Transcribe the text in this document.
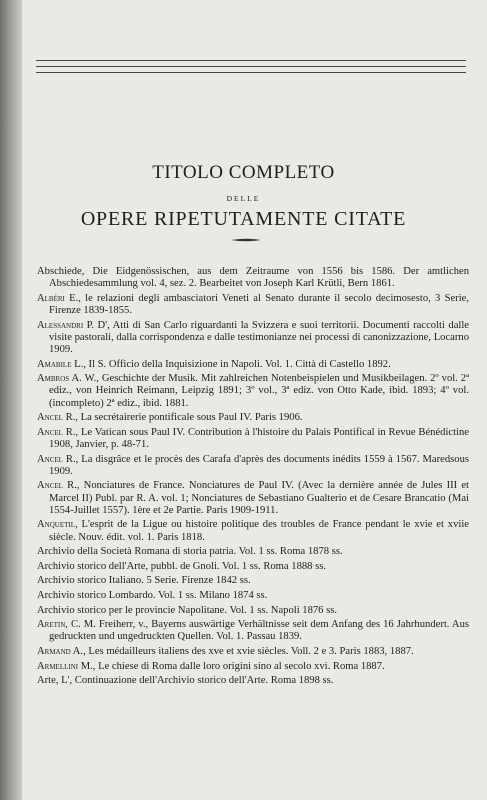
TITOLO COMPLETO
DELLE
OPERE RIPETUTAMENTE CITATE

Abschiede, Die Eidgenössischen, aus dem Zeitraume von 1556 bis 1586. Der amtlichen Abschiedesammlung vol. 4, sez. 2. Bearbeitet von Joseph Karl Krütli, Bern 1861.

Albèri E., le relazioni degli ambasciatori Veneti al Senato durante il secolo decimosesto, 3 Serie, Firenze 1839-1855.

Alessandri P. D', Atti di San Carlo riguardanti la Svizzera e suoi territorii. Documenti raccolti dalle visite pastorali, dalla corrispondenza e dalle testimonianze nei processi di canonizzazione, Locarno 1909.

Amabile L., Il S. Officio della Inquisizione in Napoli. Vol. 1. Città di Castello 1892.

Ambros A. W., Geschichte der Musik. Mit zahlreichen Notenbeispielen und Musikbeilagen. 2º vol. 2ª ediz., von Heinrich Reimann, Leipzig 1891; 3º vol., 3ª ediz. von Otto Kade, ibid. 1893; 4º vol. (incompleto) 2ª ediz., ibid. 1881.

Ancel R., La secrétairerie pontificale sous Paul IV. Paris 1906.

Ancel R., Le Vatican sous Paul IV. Contribution à l'histoire du Palais Pontifical in Revue Bénédictine 1908, Janvier, p. 48-71.

Ancel R., La disgrâce et le procès des Carafa d'après des documents inédits 1559 à 1567. Maredsous 1909.

Ancel R., Nonciatures de France. Nonciatures de Paul IV. (Avec la dernière année de Jules III et Marcel II) Publ. par R. A. vol. 1; Nonciatures de Sebastiano Gualterio et de Cesare Brancatio (Mai 1554-Juillet 1557). 1ère et 2e Partie. Paris 1909-1911.

Anquetil, L'esprit de la Ligue ou histoire politique des troubles de France pendant le xvie et xviie siècle. Nouv. édit. vol. 1. Paris 1818.

Archivio della Società Romana di storia patria. Vol. 1 ss. Roma 1878 ss.

Archivio storico dell'Arte, pubbl. de Gnoli. Vol. 1 ss. Roma 1888 ss.

Archivio storico Italiano. 5 Serie. Firenze 1842 ss.

Archivio storico Lombardo. Vol. 1 ss. Milano 1874 ss.

Archivio storico per le provincie Napolitane. Vol. 1 ss. Napoli 1876 ss.

Aretin, C. M. Freiherr, v., Bayerns auswärtige Verhältnisse seit dem Anfang des 16 Jahrhundert. Aus gedruckten und ungedruckten Quellen. Vol. 1. Passau 1839.

Armand A., Les médailleurs italiens des xve et xvie siècles. Voll. 2 e 3. Paris 1883, 1887.

Armellini M., Le chiese di Roma dalle loro origini sino al secolo xvi. Roma 1887.

Arte, L', Continuazione dell'Archivio storico dell'Arte. Roma 1898 ss.
